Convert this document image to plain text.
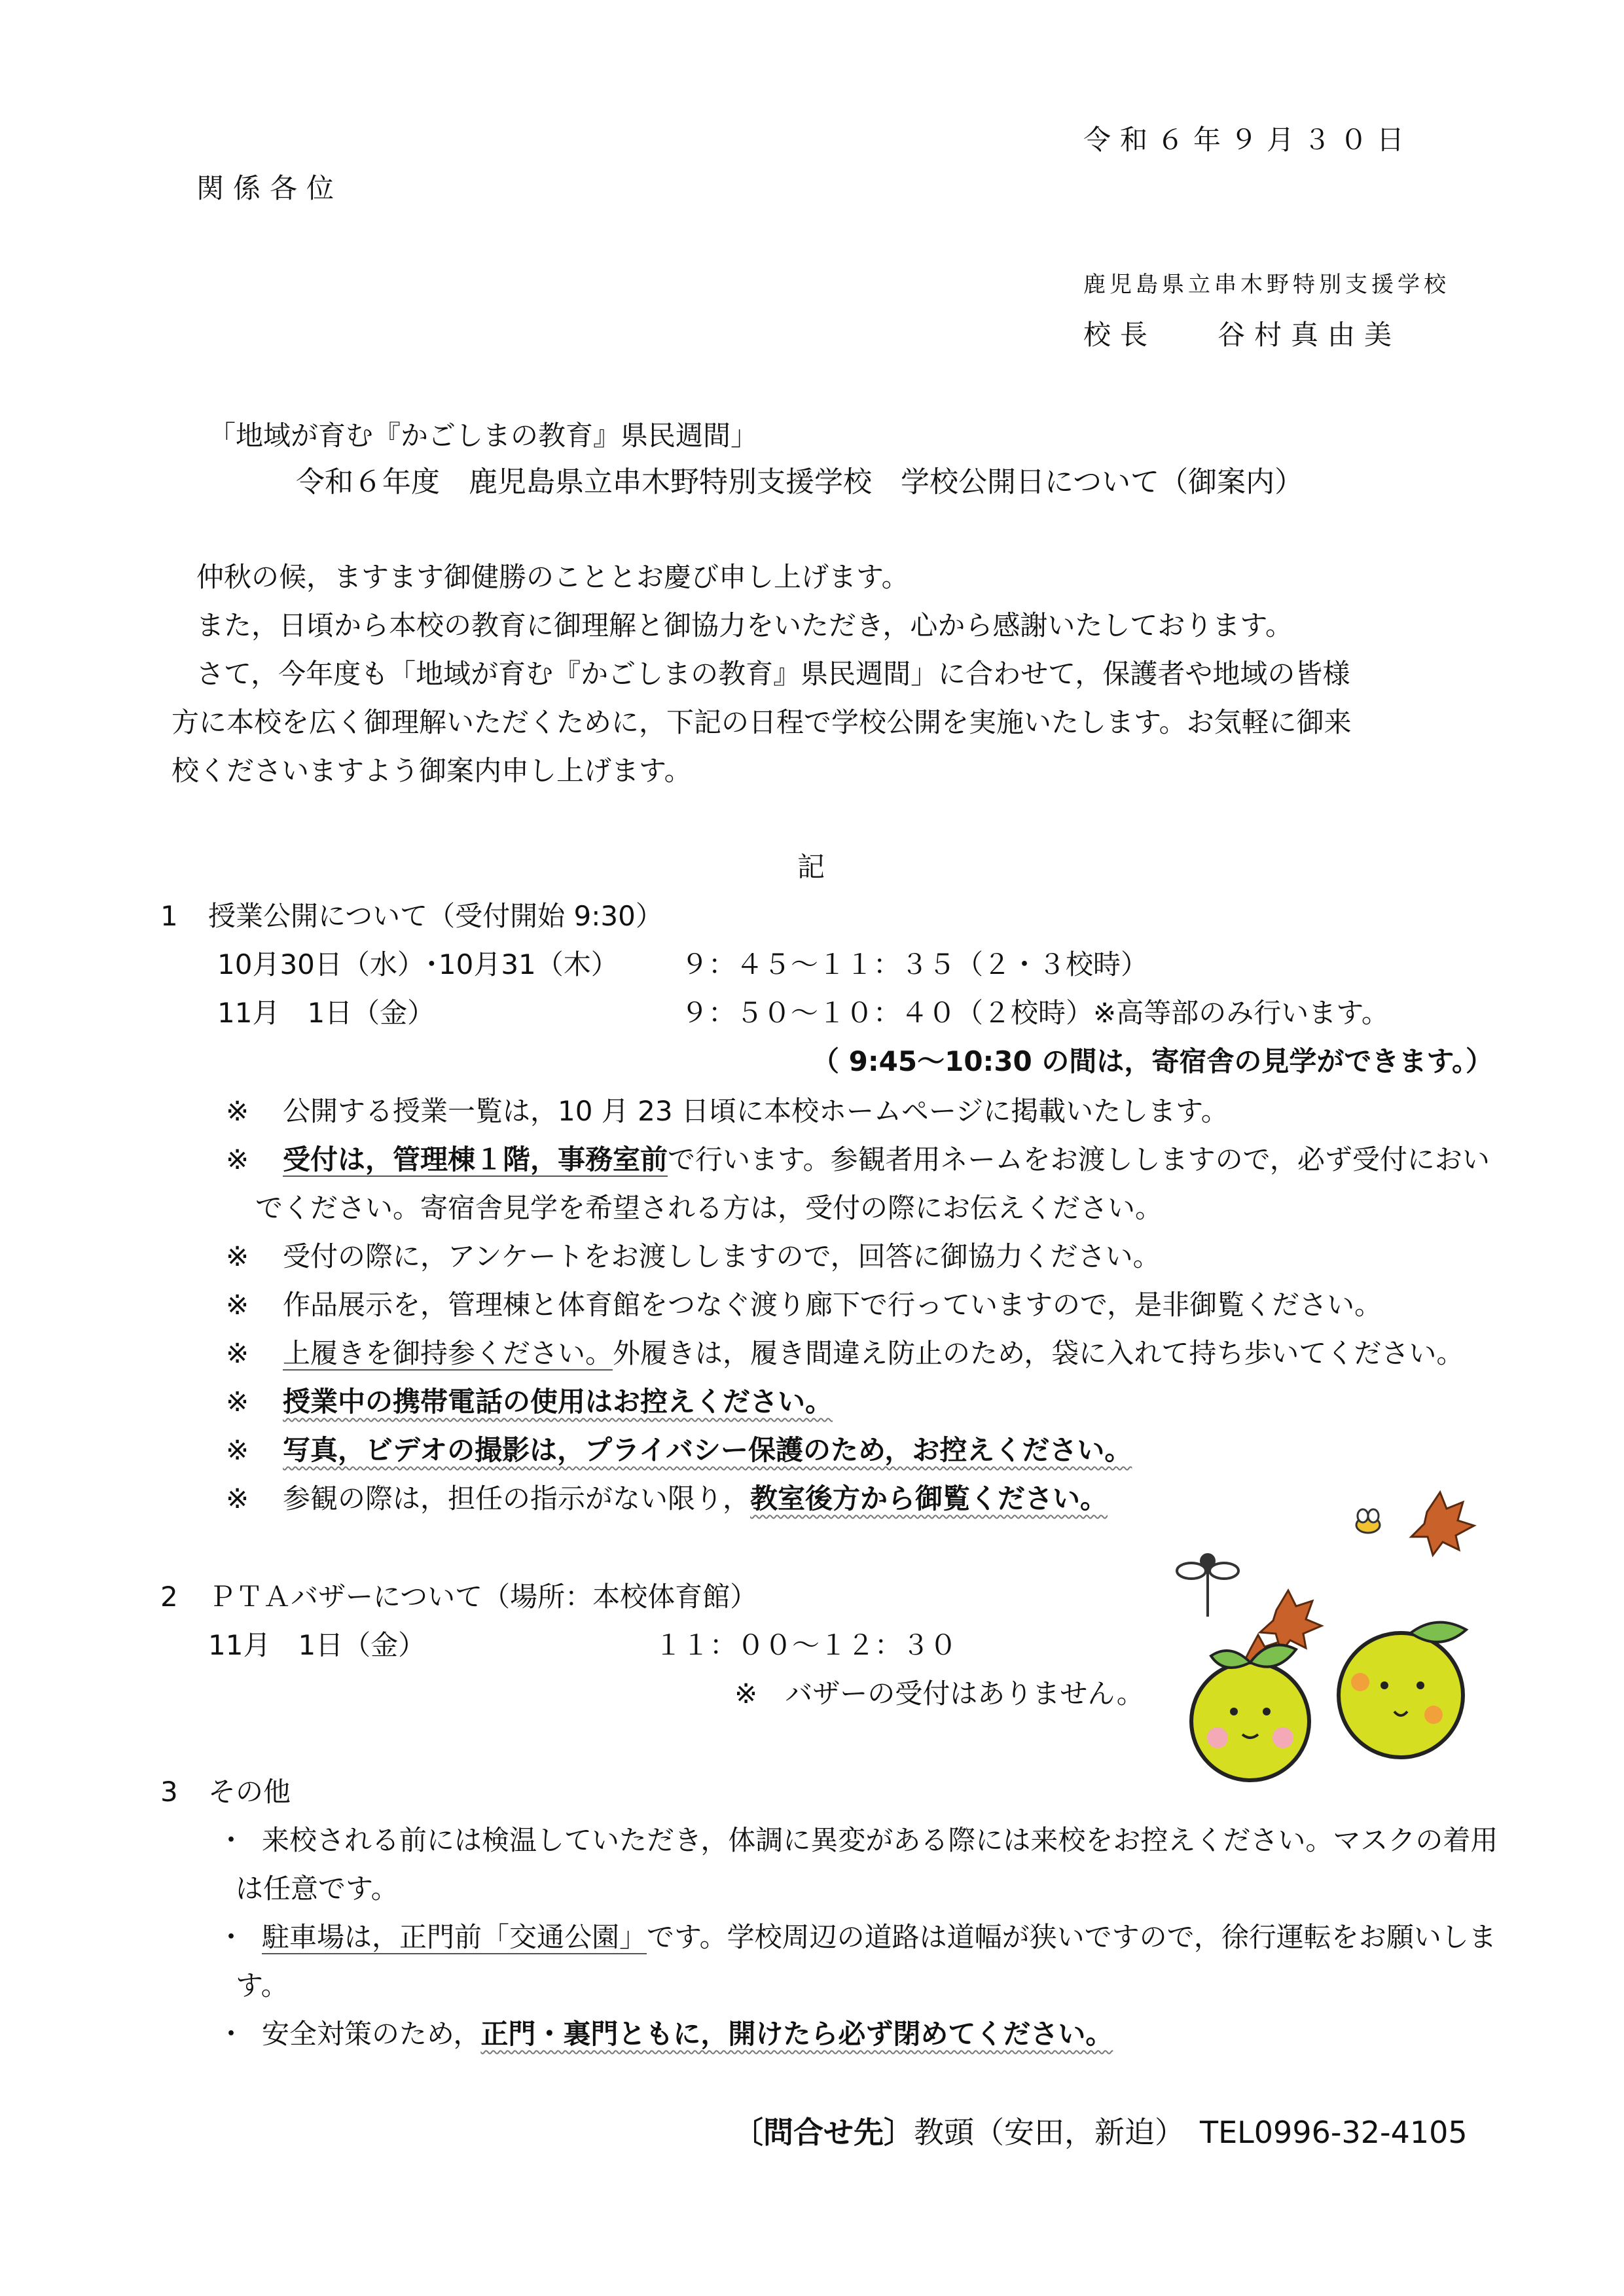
令和６年９月３０日
関係各位
鹿児島県立串木野特別支援学校
校長 谷村真由美
「地域が育む『かごしまの教育』県民週間」
令和６年度　鹿児島県立串木野特別支援学校　学校公開日について（御案内）
仲秋の候，ますます御健勝のこととお慶び申し上げます。
また，日頃から本校の教育に御理解と御協力をいただき，心から感謝いたしております。
さて，今年度も「地域が育む『かごしまの教育』県民週間」に合わせて，保護者や地域の皆様
方に本校を広く御理解いただくために，下記の日程で学校公開を実施いたします。お気軽に御来
校くださいますよう御案内申し上げます。
記
1 授業公開について（受付開始 9:30）
10月30日（水）･10月31（木） ９：４５～１１：３５（２・３校時）
11月　1日（金）	９：５０～１０：４０（２校時）※高等部のみ行います。
（ 9:45～10:30 の間は，寄宿舎の見学ができます。）
※ 公開する授業一覧は，10 月 23 日頃に本校ホームページに掲載いたします。
※ 受付は，管理棟１階，事務室前で行います。参観者用ネームをお渡ししますので，必ず受付におい
でください。寄宿舎見学を希望される方は，受付の際にお伝えください。
※ 受付の際に，アンケートをお渡ししますので，回答に御協力ください。
※ 作品展示を，管理棟と体育館をつなぐ渡り廊下で行っていますので，是非御覧ください。
※ 上履きを御持参ください。外履きは，履き間違え防止のため，袋に入れて持ち歩いてください。
※ 授業中の携帯電話の使用はお控えください。
※ 写真，ビデオの撮影は，プライバシー保護のため，お控えください。
※ 参観の際は，担任の指示がない限り，教室後方から御覧ください。
2 ＰＴＡバザーについて（場所：本校体育館）
11月　1日（金）	１１：００～１２：３０
※　バザーの受付はありません。
3 その他
・ 来校される前には検温していただき，体調に異変がある際には来校をお控えください。マスクの着用
は任意です。
・ 駐車場は，正門前「交通公園」です。学校周辺の道路は道幅が狭いですので，徐行運転をお願いしま
す。
・ 安全対策のため，正門・裏門ともに，開けたら必ず閉めてください。
〔問合せ先〕教頭（安田，新迫）　TEL0996-32-4105
